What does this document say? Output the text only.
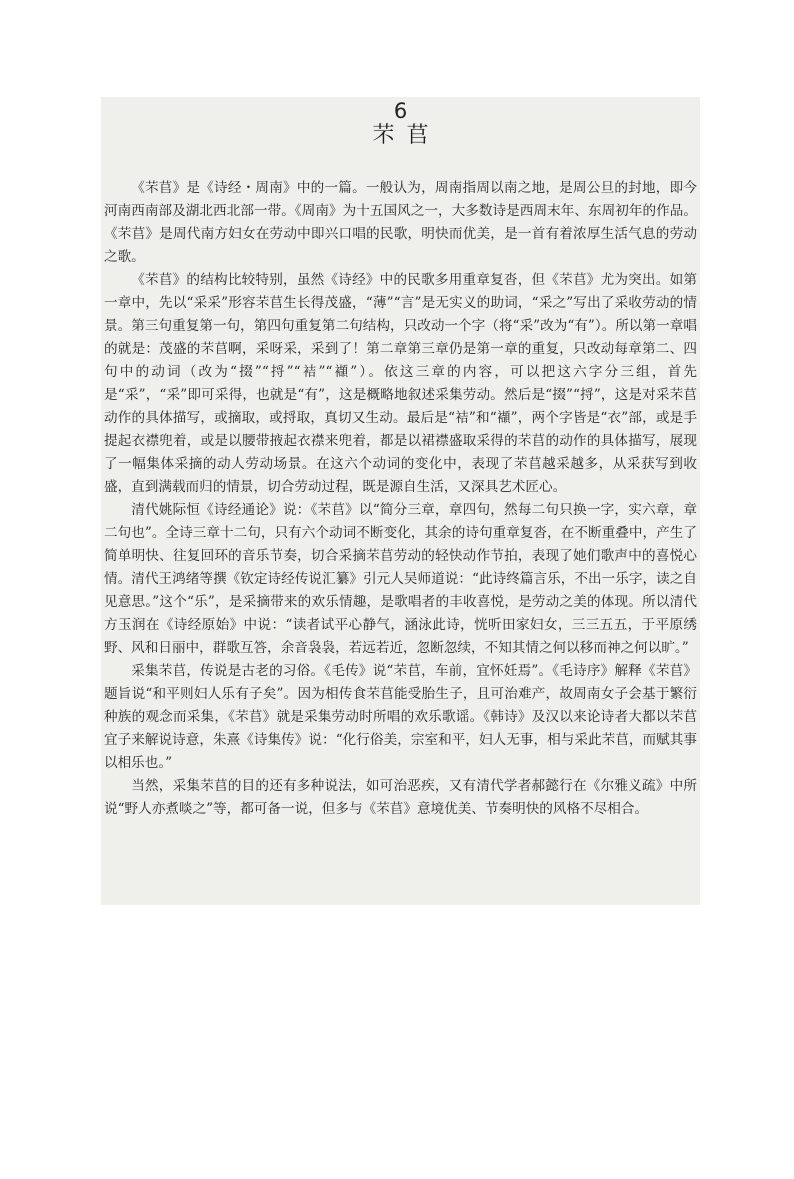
6
芣苢

《芣苢》是《诗经・周南》中的一篇。一般认为，周南指周以南之地，是周公旦的封地，即今河南西南部及湖北西北部一带。《周南》为十五国风之一，大多数诗是西周末年、东周初年的作品。《芣苢》是周代南方妇女在劳动中即兴口唱的民歌，明快而优美，是一首有着浓厚生活气息的劳动之歌。

《芣苢》的结构比较特别，虽然《诗经》中的民歌多用重章复沓，但《芣苢》尤为突出。如第一章中，先以“采采”形容芣苢生长得茂盛，“薄”“言”是无实义的助词，“采之”写出了采收劳动的情景。第三句重复第一句，第四句重复第二句结构，只改动一个字（将“采”改为“有”）。所以第一章唱的就是：茂盛的芣苢啊，采呀采，采到了！第二章第三章仍是第一章的重复，只改动每章第二、四句中的动词（改为“掇”“捋”“袺”“襭”）。依这三章的内容，可以把这六字分三组，首先是“采”，“采”即可采得，也就是“有”，这是概略地叙述采集劳动。然后是“掇”“捋”，这是对采芣苢动作的具体描写，或摘取，或捋取，真切又生动。最后是“袺”和“襭”，两个字皆是“衣”部，或是手提起衣襟兜着，或是以腰带掖起衣襟来兜着，都是以裙襟盛取采得的芣苢的动作的具体描写，展现了一幅集体采摘的动人劳动场景。在这六个动词的变化中，表现了芣苢越采越多，从采获写到收盛，直到满载而归的情景，切合劳动过程，既是源自生活，又深具艺术匠心。

清代姚际恒《诗经通论》说：《芣苢》以“简分三章，章四句，然每二句只换一字，实六章，章二句也”。全诗三章十二句，只有六个动词不断变化，其余的诗句重章复沓，在不断重叠中，产生了简单明快、往复回环的音乐节奏，切合采摘芣苢劳动的轻快动作节拍，表现了她们歌声中的喜悦心情。清代王鸿绪等撰《钦定诗经传说汇纂》引元人吴师道说：“此诗终篇言乐，不出一乐字，读之自见意思。”这个“乐”，是采摘带来的欢乐情趣，是歌唱者的丰收喜悦，是劳动之美的体现。所以清代方玉润在《诗经原始》中说：“读者试平心静气，涵泳此诗，恍听田家妇女，三三五五，于平原绣野、风和日丽中，群歌互答，余音袅袅，若远若近，忽断忽续，不知其情之何以移而神之何以旷。”

采集芣苢，传说是古老的习俗。《毛传》说“芣苢，车前，宜怀妊焉”。《毛诗序》解释《芣苢》题旨说“和平则妇人乐有子矣”。因为相传食芣苢能受胎生子，且可治难产，故周南女子会基于繁衍种族的观念而采集，《芣苢》就是采集劳动时所唱的欢乐歌谣。《韩诗》及汉以来论诗者大都以芣苢宜子来解说诗意，朱熹《诗集传》说：“化行俗美，宗室和平，妇人无事，相与采此芣苢，而赋其事以相乐也。”

当然，采集芣苢的目的还有多种说法，如可治恶疾，又有清代学者郝懿行在《尔雅义疏》中所说“野人亦煮啖之”等，都可备一说，但多与《芣苢》意境优美、节奏明快的风格不尽相合。
